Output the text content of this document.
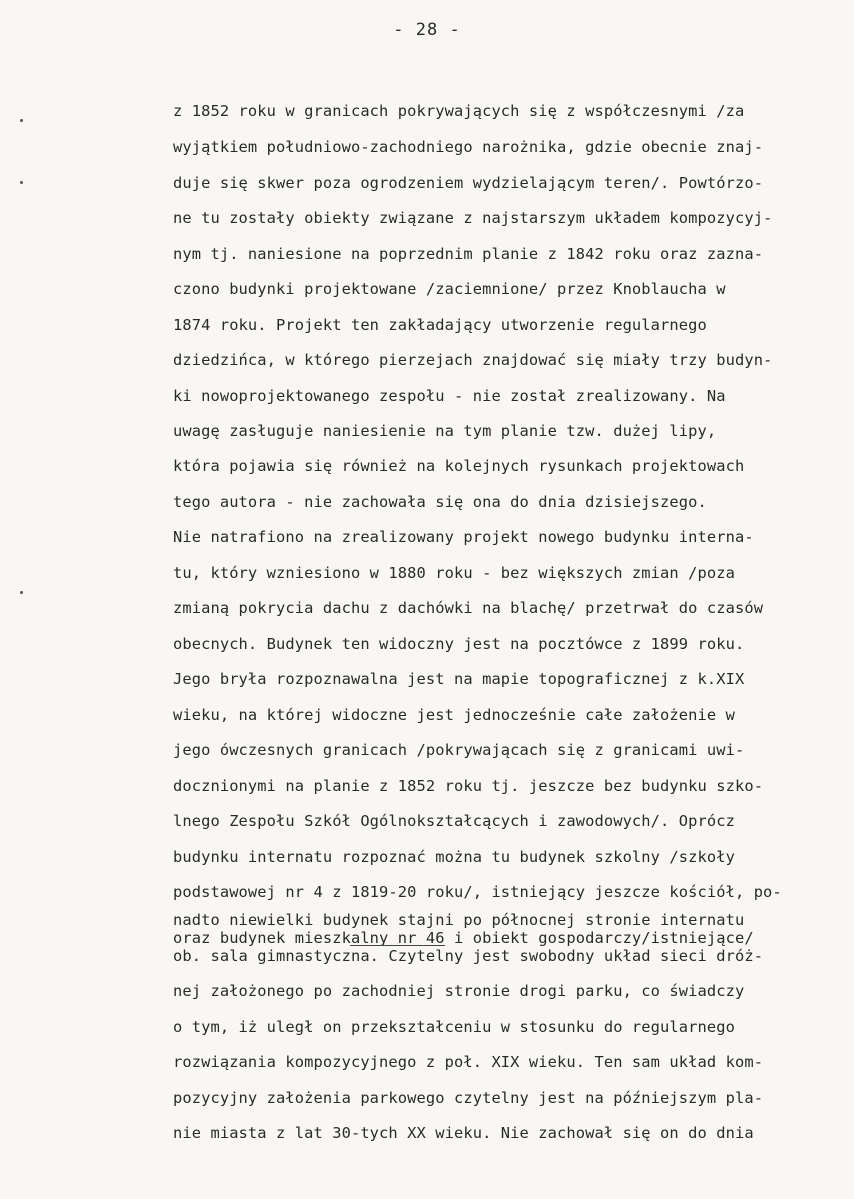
- 28 -
z 1852 roku w granicach pokrywających się z współczesnymi /za
wyjątkiem południowo-zachodniego narożnika, gdzie obecnie znaj-
duje się skwer poza ogrodzeniem wydzielającym teren/. Powtórzo-
ne tu zostały obiekty związane z najstarszym układem kompozycyj-
nym tj. naniesione na poprzednim planie z 1842 roku oraz zazna-
czono budynki projektowane /zaciemnione/ przez Knoblaucha w
1874 roku. Projekt ten zakładający utworzenie regularnego
dziedzińca, w którego pierzejach znajdować się miały trzy budyn-
ki nowoprojektowanego zespołu - nie został zrealizowany. Na
uwagę zasługuje naniesienie na tym planie tzw. dużej lipy,
która pojawia się również na kolejnych rysunkach projektowach
tego autora - nie zachowała się ona do dnia dzisiejszego.
Nie natrafiono na zrealizowany projekt nowego budynku interna-
tu, który wzniesiono w 1880 roku - bez większych zmian /poza
zmianą pokrycia dachu z dachówki na blachę/ przetrwał do czasów
obecnych. Budynek ten widoczny jest na pocztówce z 1899 roku.
Jego bryła rozpoznawalna jest na mapie topograficznej z k.XIX
wieku, na której widoczne jest jednocześnie całe założenie w
jego ówczesnych granicach /pokrywającach się z granicami uwi-
docznionymi na planie z 1852 roku tj. jeszcze bez budynku szko-
lnego Zespołu Szkół Ogólnokształcących i zawodowych/. Oprócz
budynku internatu rozpoznać można tu budynek szkolny /szkoły
podstawowej nr 4 z 1819-20 roku/, istniejący jeszcze kościół, po-
nadto niewielki budynek stajni po północnej stronie internatu
oraz budynek mieszkalny nr 46 i obiekt gospodarczy/istniejące/
ob. sala gimnastyczna. Czytelny jest swobodny układ sieci dróż-
nej założonego po zachodniej stronie drogi parku, co świadczy
o tym, iż uległ on przekształceniu w stosunku do regularnego
rozwiązania kompozycyjnego z poł. XIX wieku. Ten sam układ kom-
pozycyjny założenia parkowego czytelny jest na późniejszym pla-
nie miasta z lat 30-tych XX wieku. Nie zachował się on do dnia
